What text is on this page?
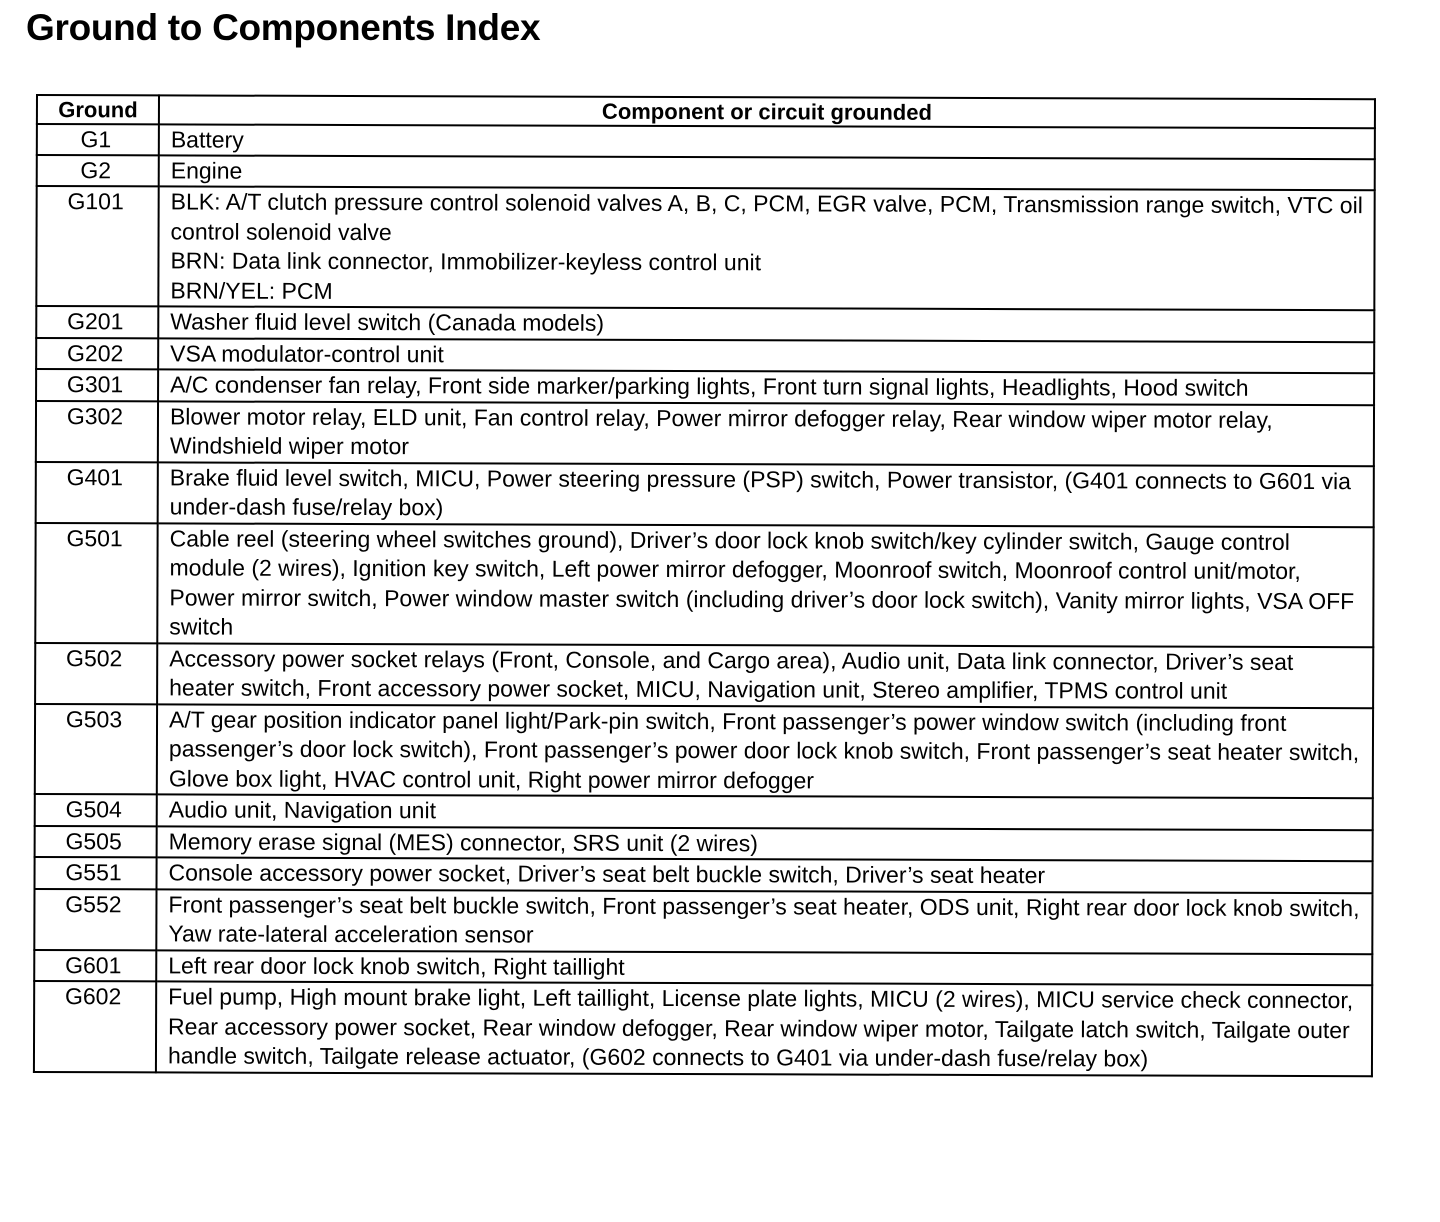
Ground to Components Index
Ground	Component or circuit grounded
G1	Battery

G2	Engine

G101	BLK: A/T clutch pressure control solenoid valves A, B, C, PCM, EGR valve, PCM, Transmission range switch, VTC oil control solenoid valve
BRN: Data link connector, Immobilizer-keyless control unit
BRN/YEL: PCM

G201	Washer fluid level switch (Canada models)

G202	VSA modulator-control unit

G301	A/C condenser fan relay, Front side marker/parking lights, Front turn signal lights, Headlights, Hood switch

G302	Blower motor relay, ELD unit, Fan control relay, Power mirror defogger relay, Rear window wiper motor relay, Windshield wiper motor

G401	Brake fluid level switch, MICU, Power steering pressure (PSP) switch, Power transistor, (G401 connects to G601 via under-dash fuse/relay box)

G501	Cable reel (steering wheel switches ground), Driver’s door lock knob switch/key cylinder switch, Gauge control module (2 wires), Ignition key switch, Left power mirror defogger, Moonroof switch, Moonroof control unit/motor, Power mirror switch, Power window master switch (including driver’s door lock switch), Vanity mirror lights, VSA OFF switch

G502	Accessory power socket relays (Front, Console, and Cargo area), Audio unit, Data link connector, Driver’s seat heater switch, Front accessory power socket, MICU, Navigation unit, Stereo amplifier, TPMS control unit

G503	A/T gear position indicator panel light/Park-pin switch, Front passenger’s power window switch (including front passenger’s door lock switch), Front passenger’s power door lock knob switch, Front passenger’s seat heater switch, Glove box light, HVAC control unit, Right power mirror defogger

G504	Audio unit, Navigation unit

G505	Memory erase signal (MES) connector, SRS unit (2 wires)

G551	Console accessory power socket, Driver’s seat belt buckle switch, Driver’s seat heater

G552	Front passenger’s seat belt buckle switch, Front passenger’s seat heater, ODS unit, Right rear door lock knob switch, Yaw rate-lateral acceleration sensor

G601	Left rear door lock knob switch, Right taillight

G602	Fuel pump, High mount brake light, Left taillight, License plate lights, MICU (2 wires), MICU service check connector, Rear accessory power socket, Rear window defogger, Rear window wiper motor, Tailgate latch switch, Tailgate outer handle switch, Tailgate release actuator, (G602 connects to G401 via under-dash fuse/relay box)
